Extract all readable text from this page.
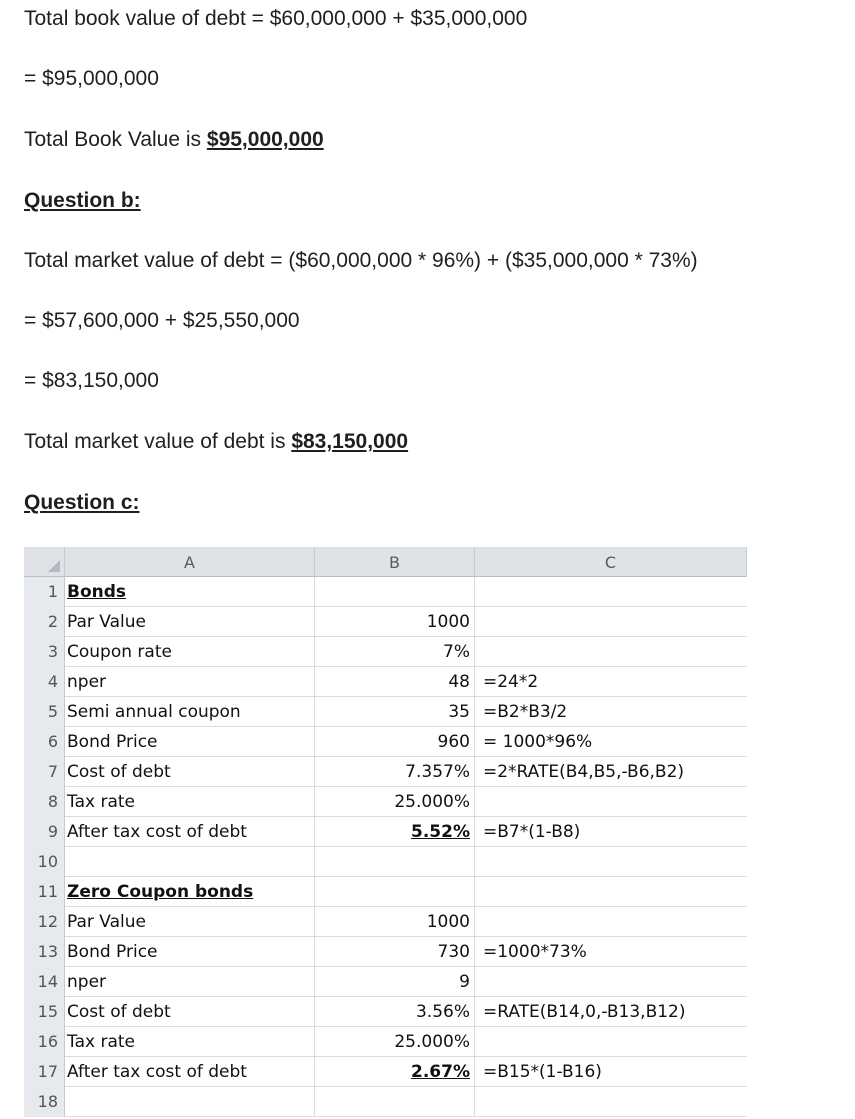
Total book value of debt = $60,000,000 + $35,000,000
= $95,000,000
Total Book Value is $95,000,000
Question b:
Total market value of debt = ($60,000,000 * 96%) + ($35,000,000 * 73%)
= $57,600,000 + $25,550,000
= $83,150,000
Total market value of debt is $83,150,000
Question c:
A	B	C
1 Bonds
2 Par Value	1000
3 Coupon rate	7%
4 nper	48 =24*2
5 Semi annual coupon	35 =B2*B3/2
6 Bond Price	960 = 1000*96%
7 Cost of debt	7.357% =2*RATE(B4,B5,-B6,B2)
8 Tax rate	25.000%
9 After tax cost of debt	5.52% =B7*(1-B8)
10
11 Zero Coupon bonds
12 Par Value	1000
13 Bond Price	730 =1000*73%
14 nper	9
15 Cost of debt	3.56% =RATE(B14,0,-B13,B12)
16 Tax rate	25.000%
17 After tax cost of debt	2.67% =B15*(1-B16)
18
